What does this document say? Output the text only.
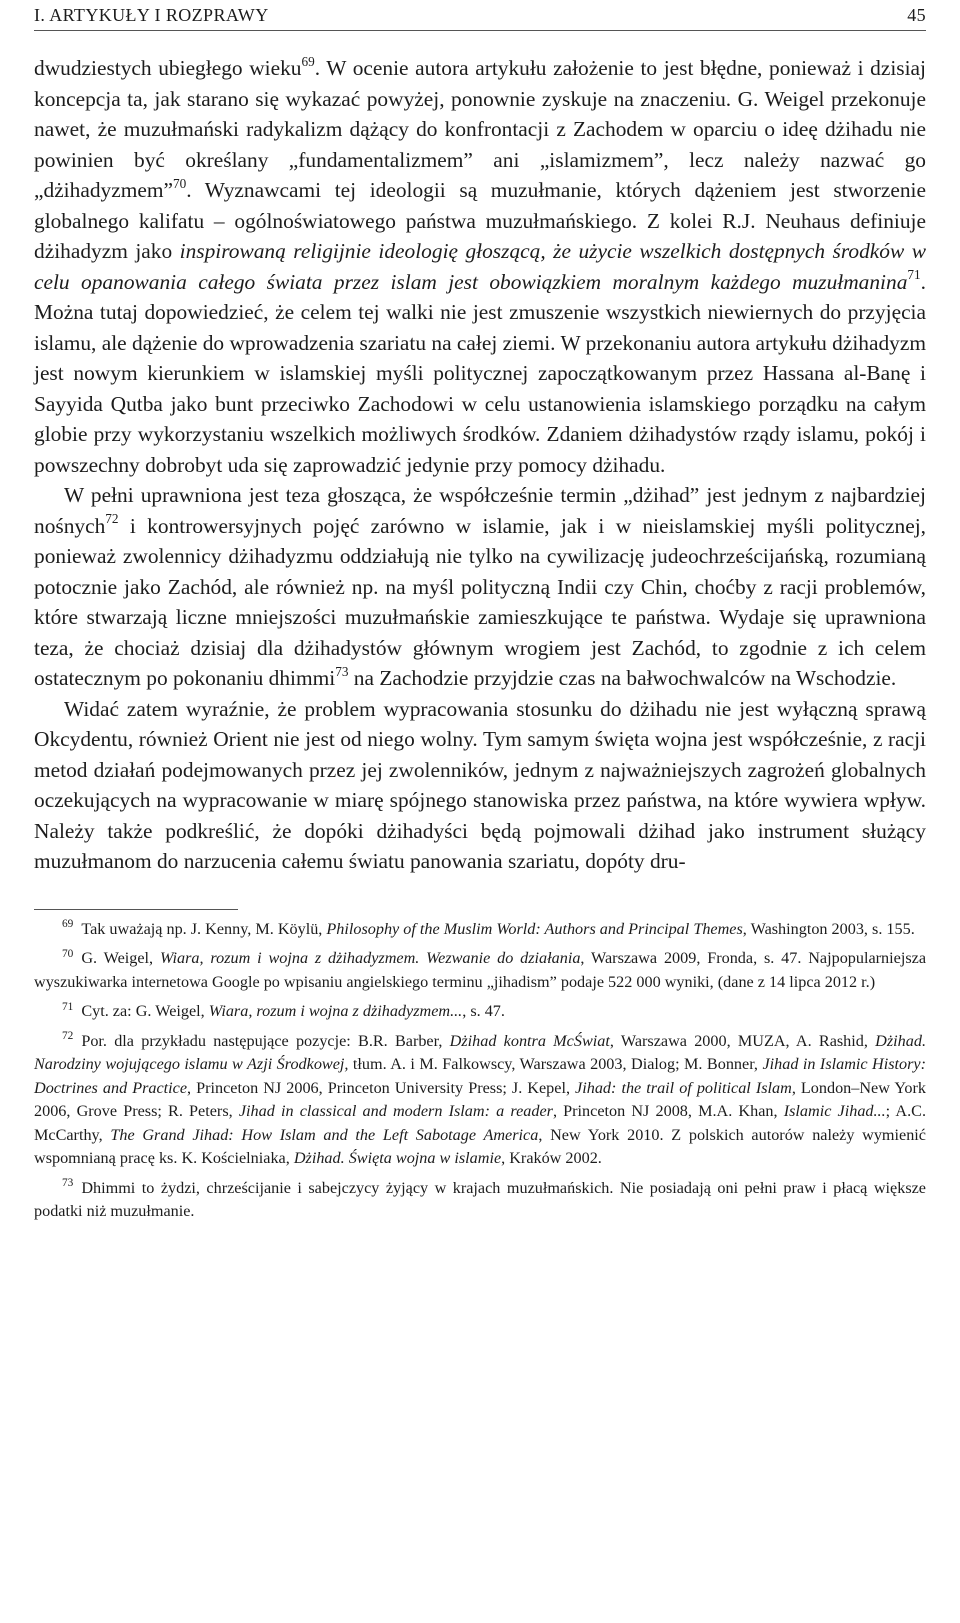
I. ARTYKUŁY I ROZPRAWY	45

dwudziestych ubiegłego wieku$^{69}$. W ocenie autora artykułu założenie to jest błędne, ponieważ i dzisiaj koncepcja ta, jak starano się wykazać powyżej, ponownie zyskuje na znaczeniu. G. Weigel przekonuje nawet, że muzułmański radykalizm dążący do konfrontacji z Zachodem w oparciu o ideę dżihadu nie powinien być określany „fundamentalizmem” ani „islamizmem”, lecz należy nazwać go „dżihadyzmem”$^{70}$. Wyznawcami tej ideologii są muzułmanie, których dążeniem jest stworzenie globalnego kalifatu – ogólnoświatowego państwa muzułmańskiego. Z kolei R.J. Neuhaus definiuje dżihadyzm jako inspirowaną religijnie ideologię głoszącą, że użycie wszelkich dostępnych środków w celu opanowania całego świata przez islam jest obowiązkiem moralnym każdego muzułmanina$^{71}$. Można tutaj dopowiedzieć, że celem tej walki nie jest zmuszenie wszystkich niewiernych do przyjęcia islamu, ale dążenie do wprowadzenia szariatu na całej ziemi. W przekonaniu autora artykułu dżihadyzm jest nowym kierunkiem w islamskiej myśli politycznej zapoczątkowanym przez Hassana al-Banę i Sayyida Qutba jako bunt przeciwko Zachodowi w celu ustanowienia islamskiego porządku na całym globie przy wykorzystaniu wszelkich możliwych środków. Zdaniem dżihadystów rządy islamu, pokój i powszechny dobrobyt uda się zaprowadzić jedynie przy pomocy dżihadu.

W pełni uprawniona jest teza głosząca, że współcześnie termin „dżihad” jest jednym z najbardziej nośnych$^{72}$ i kontrowersyjnych pojęć zarówno w islamie, jak i w nieislamskiej myśli politycznej, ponieważ zwolennicy dżihadyzmu oddziałują nie tylko na cywilizację judeochrześcijańską, rozumianą potocznie jako Zachód, ale również np. na myśl polityczną Indii czy Chin, choćby z racji problemów, które stwarzają liczne mniejszości muzułmańskie zamieszkujące te państwa. Wydaje się uprawniona teza, że chociaż dzisiaj dla dżihadystów głównym wrogiem jest Zachód, to zgodnie z ich celem ostatecznym po pokonaniu dhimmi$^{73}$ na Zachodzie przyjdzie czas na bałwochwalców na Wschodzie.

Widać zatem wyraźnie, że problem wypracowania stosunku do dżihadu nie jest wyłączną sprawą Okcydentu, również Orient nie jest od niego wolny. Tym samym święta wojna jest współcześnie, z racji metod działań podejmowanych przez jej zwolenników, jednym z najważniejszych zagrożeń globalnych oczekujących na wypracowanie w miarę spójnego stanowiska przez państwa, na które wywiera wpływ. Należy także podkreślić, że dopóki dżihadyści będą pojmowali dżihad jako instrument służący muzułmanom do narzucenia całemu światu panowania szariatu, dopóty dru-

$^{69}$ Tak uważają np. J. Kenny, M. Köylü, Philosophy of the Muslim World: Authors and Principal Themes, Washington 2003, s. 155.

$^{70}$ G. Weigel, Wiara, rozum i wojna z dżihadyzmem. Wezwanie do działania, Warszawa 2009, Fronda, s. 47. Najpopularniejsza wyszukiwarka internetowa Google po wpisaniu angielskiego terminu „jihadism” podaje 522 000 wyniki, (dane z 14 lipca 2012 r.)

$^{71}$ Cyt. za: G. Weigel, Wiara, rozum i wojna z dżihadyzmem..., s. 47.

$^{72}$ Por. dla przykładu następujące pozycje: B.R. Barber, Dżihad kontra McŚwiat, Warszawa 2000, MUZA, A. Rashid, Dżihad. Narodziny wojującego islamu w Azji Środkowej, tłum. A. i M. Falkowscy, Warszawa 2003, Dialog; M. Bonner, Jihad in Islamic History: Doctrines and Practice, Princeton NJ 2006, Princeton University Press; J. Kepel, Jihad: the trail of political Islam, London–New York 2006, Grove Press; R. Peters, Jihad in classical and modern Islam: a reader, Princeton NJ 2008, M.A. Khan, Islamic Jihad...; A.C. McCarthy, The Grand Jihad: How Islam and the Left Sabotage America, New York 2010. Z polskich autorów należy wymienić wspomnianą pracę ks. K. Kościelniaka, Dżihad. Święta wojna w islamie, Kraków 2002.

$^{73}$ Dhimmi to żydzi, chrześcijanie i sabejczycy żyjący w krajach muzułmańskich. Nie posiadają oni pełni praw i płacą większe podatki niż muzułmanie.
